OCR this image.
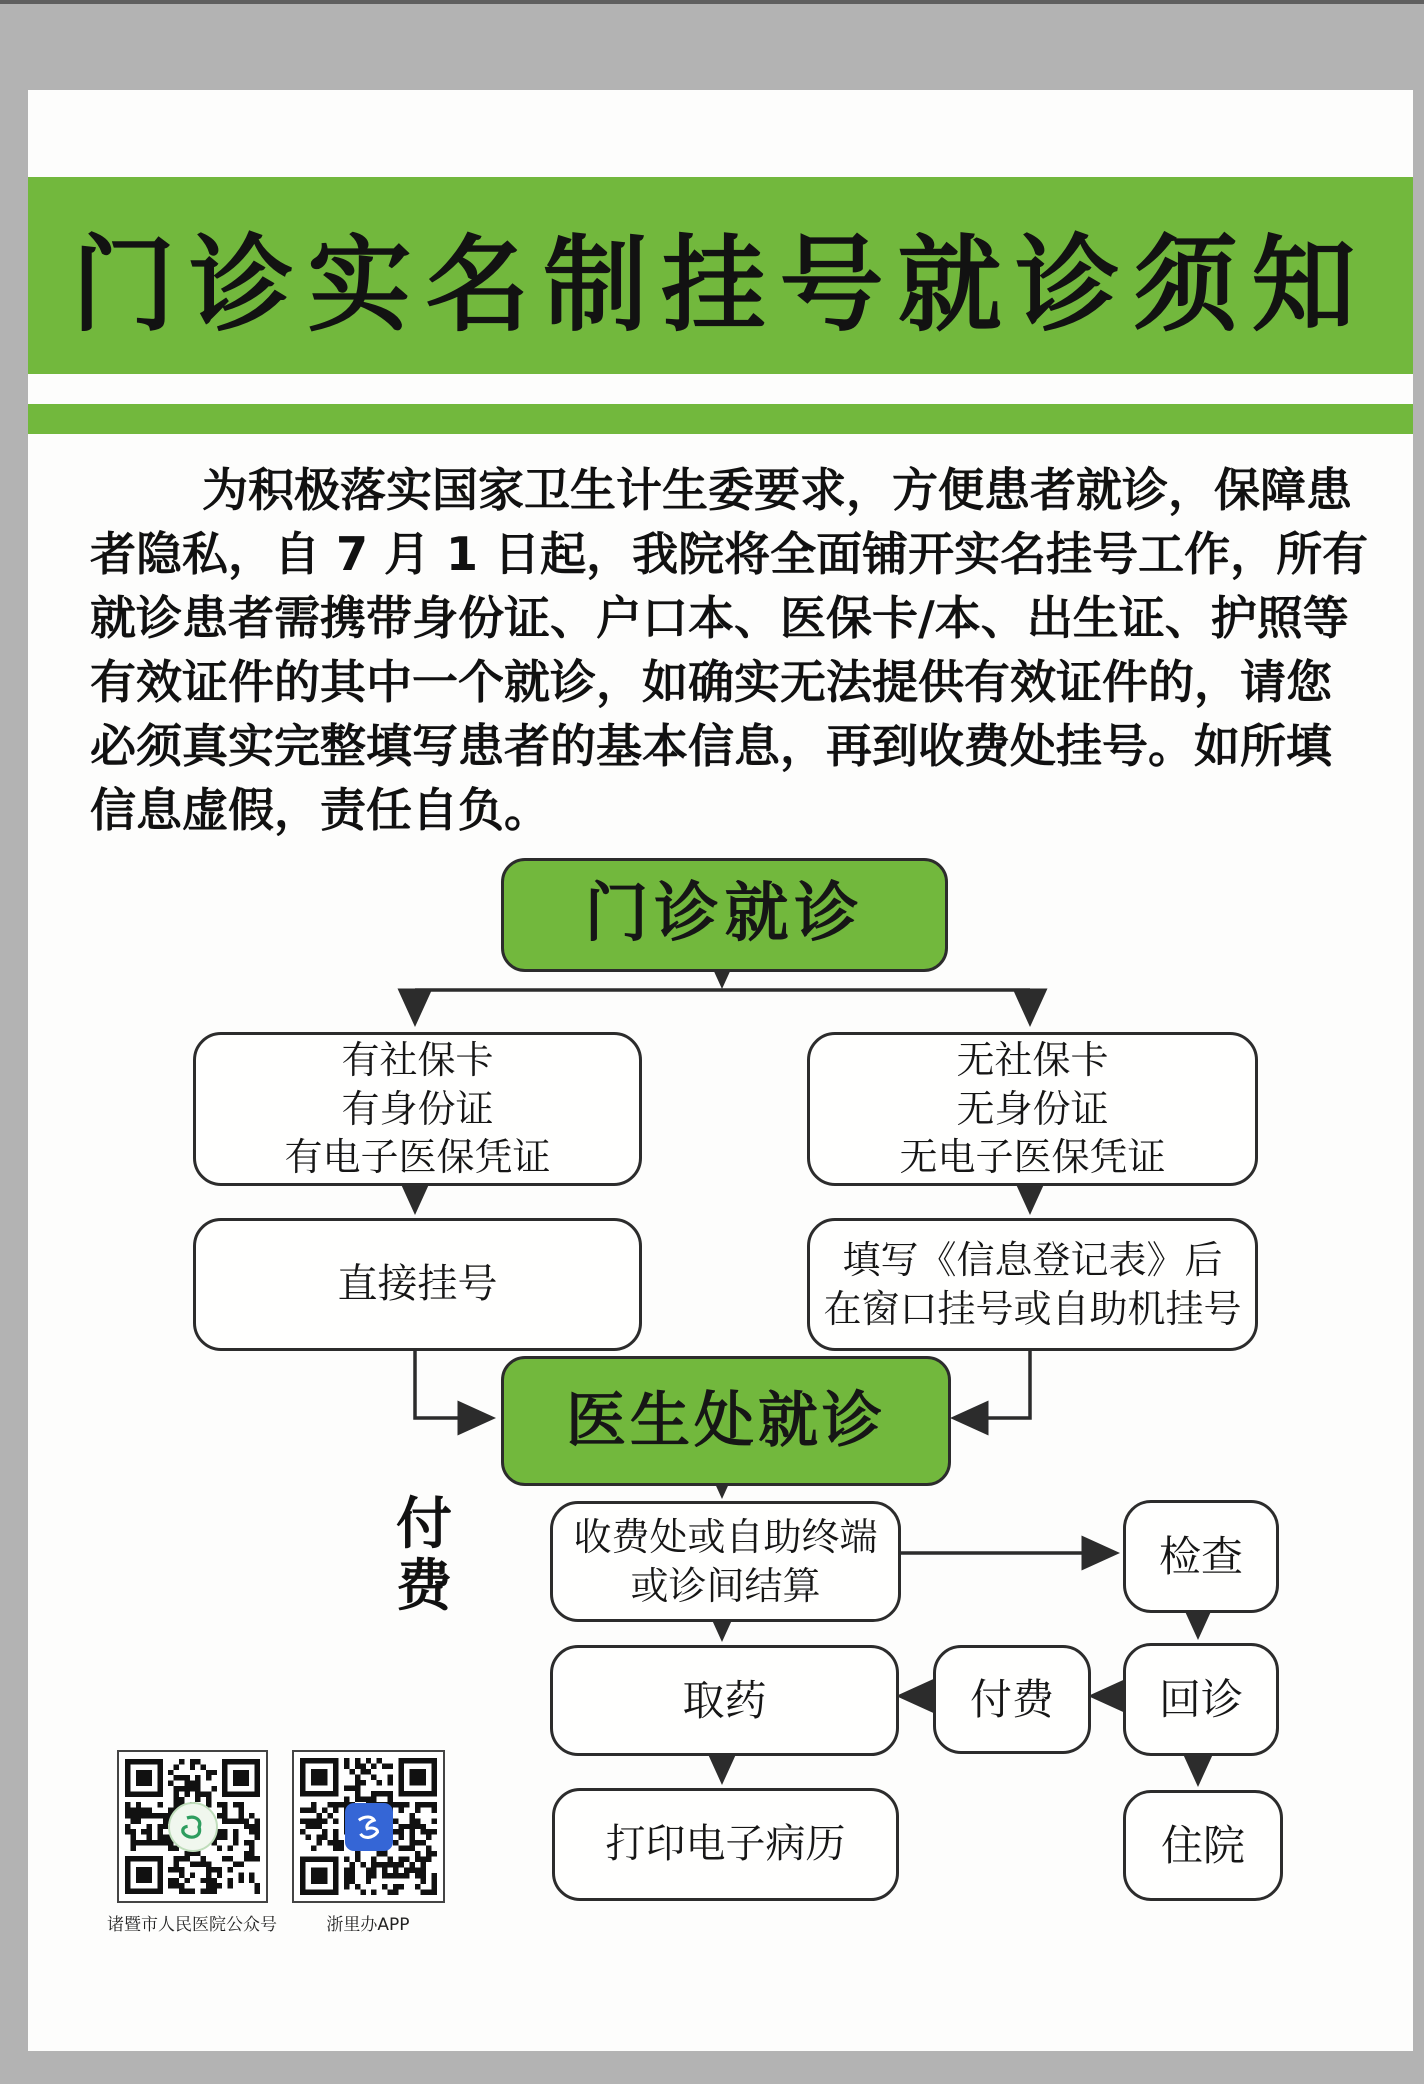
门诊实名制挂号就诊须知
为积极落实国家卫生计生委要求，方便患者就诊，保障患
者隐私，自 7 月 1 日起，我院将全面铺开实名挂号工作，所有
就诊患者需携带身份证、户口本、医保卡/本、出生证、护照等
有效证件的其中一个就诊，如确实无法提供有效证件的，请您
必须真实完整填写患者的基本信息，再到收费处挂号。如所填
信息虚假，责任自负。
门诊就诊
有社保卡
有身份证
有电子医保凭证
无社保卡
无身份证
无电子医保凭证
直接挂号
填写《信息登记表》后
在窗口挂号或自助机挂号
医生处就诊
付费
收费处或自助终端
或诊间结算
检查
取药	付费 回诊
打印电子病历	住院
诸暨市人民医院公众号	浙里办APP
